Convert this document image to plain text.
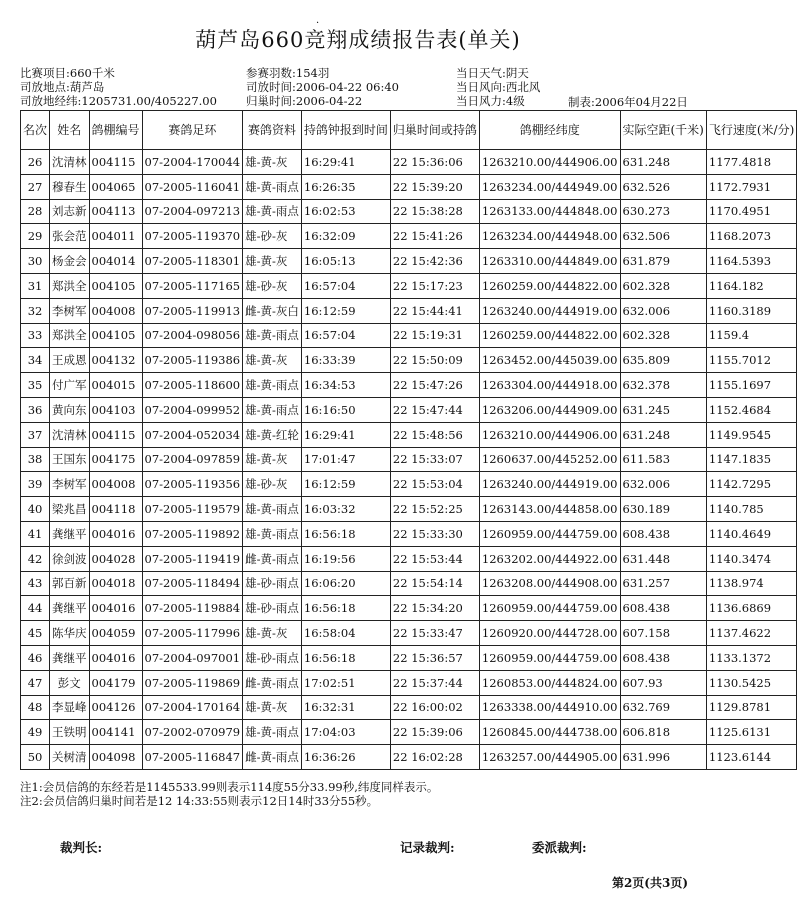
·
葫芦岛660竞翔成绩报告表(单关)
比赛项目:660千米
司放地点:葫芦岛
司放地经纬:1205731.00/405227.00
参赛羽数:154羽
司放时间:2006-04-22 06:40
归巢时间:2006-04-22
当日天气:阴天
当日风向:西北风
当日风力:4级	制表:2006年04月22日
名次	姓名	鸽棚编号	赛鸽足环	赛鸽资料	持鸽钟报到时间	归巢时间或持鸽	鸽棚经纬度	实际空距(千米)	飞行速度(米/分)
26	沈清林	004115	07-2004-170044	雄-黄-灰	16:29:41	22 15:36:06	1263210.00/444906.00	631.248	1177.4818
27	穆春生	004065	07-2005-116041	雄-黄-雨点	16:26:35	22 15:39:20	1263234.00/444949.00	632.526	1172.7931
28	刘志新	004113	07-2004-097213	雄-黄-雨点	16:02:53	22 15:38:28	1263133.00/444848.00	630.273	1170.4951
29	张会范	004011	07-2005-119370	雄-砂-灰	16:32:09	22 15:41:26	1263234.00/444948.00	632.506	1168.2073
30	杨金会	004014	07-2005-118301	雄-黄-灰	16:05:13	22 15:42:36	1263310.00/444849.00	631.879	1164.5393
31	郑洪全	004105	07-2005-117165	雄-砂-灰	16:57:04	22 15:17:23	1260259.00/444822.00	602.328	1164.182
32	李树军	004008	07-2005-119913	雌-黄-灰白	16:12:59	22 15:44:41	1263240.00/444919.00	632.006	1160.3189
33	郑洪全	004105	07-2004-098056	雄-黄-雨点	16:57:04	22 15:19:31	1260259.00/444822.00	602.328	1159.4
34	王成恩	004132	07-2005-119386	雄-黄-灰	16:33:39	22 15:50:09	1263452.00/445039.00	635.809	1155.7012
35	付广军	004015	07-2005-118600	雄-黄-雨点	16:34:53	22 15:47:26	1263304.00/444918.00	632.378	1155.1697
36	黄向东	004103	07-2004-099952	雄-黄-雨点	16:16:50	22 15:47:44	1263206.00/444909.00	631.245	1152.4684
37	沈清林	004115	07-2004-052034	雄-黄-红轮	16:29:41	22 15:48:56	1263210.00/444906.00	631.248	1149.9545
38	王国东	004175	07-2004-097859	雄-黄-灰	17:01:47	22 15:33:07	1260637.00/445252.00	611.583	1147.1835
39	李树军	004008	07-2005-119356	雄-砂-灰	16:12:59	22 15:53:04	1263240.00/444919.00	632.006	1142.7295
40	梁兆昌	004118	07-2005-119579	雄-黄-雨点	16:03:32	22 15:52:25	1263143.00/444858.00	630.189	1140.785
41	龚继平	004016	07-2005-119892	雄-黄-雨点	16:56:18	22 15:33:30	1260959.00/444759.00	608.438	1140.4649
42	徐剑波	004028	07-2005-119419	雌-黄-雨点	16:19:56	22 15:53:44	1263202.00/444922.00	631.448	1140.3474
43	郭百新	004018	07-2005-118494	雄-砂-雨点	16:06:20	22 15:54:14	1263208.00/444908.00	631.257	1138.974
44	龚继平	004016	07-2005-119884	雄-砂-雨点	16:56:18	22 15:34:20	1260959.00/444759.00	608.438	1136.6869
45	陈华庆	004059	07-2005-117996	雄-黄-灰	16:58:04	22 15:33:47	1260920.00/444728.00	607.158	1137.4622
46	龚继平	004016	07-2004-097001	雄-砂-雨点	16:56:18	22 15:36:57	1260959.00/444759.00	608.438	1133.1372
47	彭文	004179	07-2005-119869	雌-黄-雨点	17:02:51	22 15:37:44	1260853.00/444824.00	607.93	1130.5425
48	李显峰	004126	07-2004-170164	雄-黄-灰	16:32:31	22 16:00:02	1263338.00/444910.00	632.769	1129.8781
49	王铁明	004141	07-2002-070979	雄-黄-雨点	17:04:03	22 15:39:06	1260845.00/444738.00	606.818	1125.6131
50	关树清	004098	07-2005-116847	雌-黄-雨点	16:36:26	22 16:02:28	1263257.00/444905.00	631.996	1123.6144
注1:会员信鸽的东经若是1145533.99则表示114度55分33.99秒,纬度同样表示。
注2:会员信鸽归巢时间若是12 14:33:55则表示12日14时33分55秒。
裁判长:	记录裁判:	委派裁判:
第2页(共3页)
